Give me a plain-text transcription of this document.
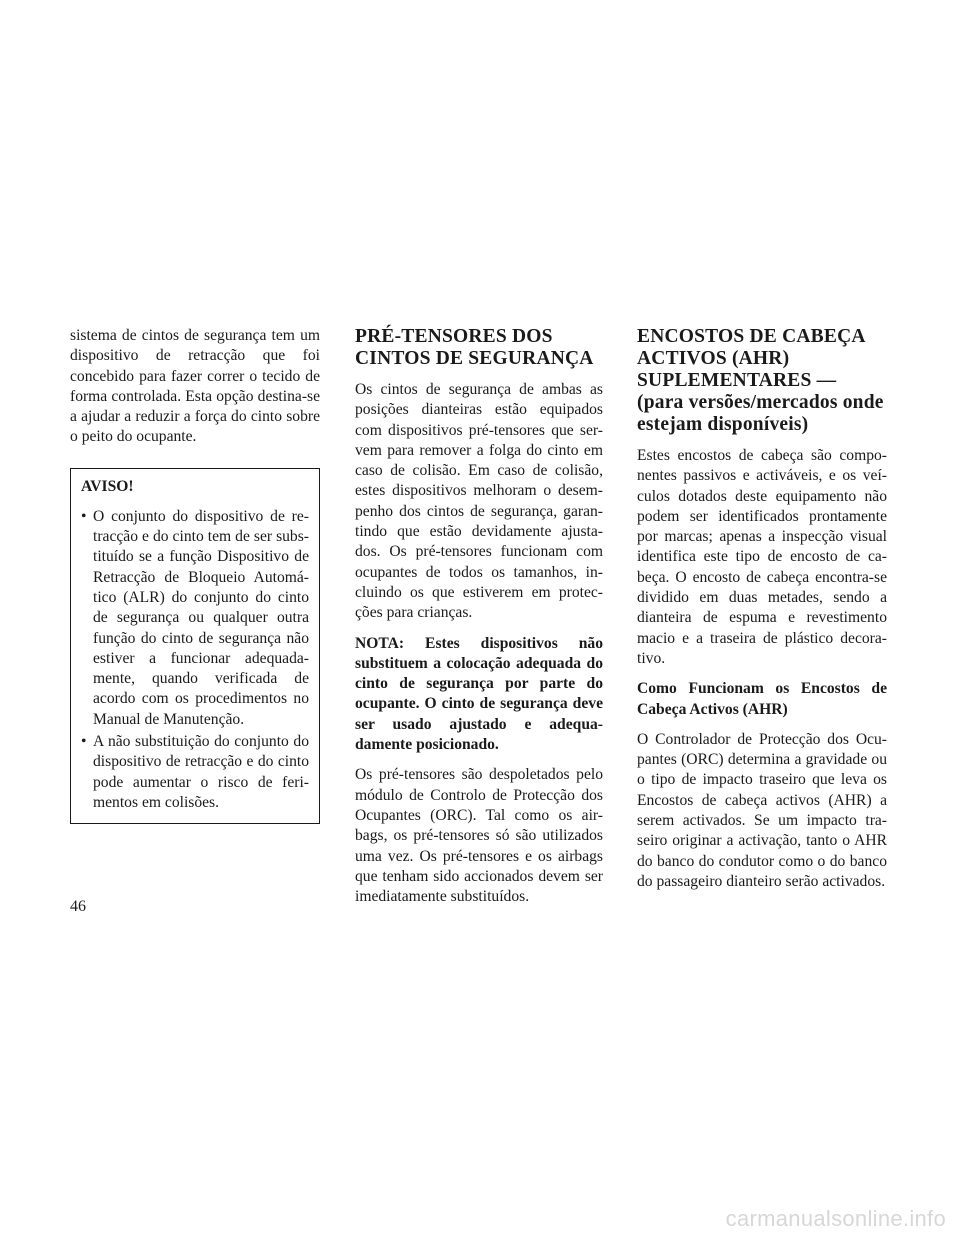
sistema de cintos de segurança tem um dispositivo de retracção que foi concebido para fazer correr o tecido de forma controlada. Esta opção destina-se a ajudar a reduzir a força do cinto sobre o peito do ocupante.

AVISO!
• O conjunto do dispositivo de re-tracção e do cinto tem de ser subs-tituído se a função Dispositivo de Retracção de Bloqueio Automá-tico (ALR) do conjunto do cinto de segurança ou qualquer outra função do cinto de segurança não estiver a funcionar adequada-mente, quando verificada de acordo com os procedimentos no Manual de Manutenção.
• A não substituição do conjunto do dispositivo de retracção e do cinto pode aumentar o risco de feri-mentos em colisões.
PRÉ-TENSORES DOS CINTOS DE SEGURANÇA

Os cintos de segurança de ambas as posições dianteiras estão equipados com dispositivos pré-tensores que ser-vem para remover a folga do cinto em caso de colisão. Em caso de colisão, estes dispositivos melhoram o desem-penho dos cintos de segurança, garan-tindo que estão devidamente ajusta-dos. Os pré-tensores funcionam com ocupantes de todos os tamanhos, in-cluindo os que estiverem em protec-ções para crianças.

NOTA: Estes dispositivos não substituem a colocação adequada do cinto de segurança por parte do ocupante. O cinto de segurança deve ser usado ajustado e adequa-damente posicionado.

Os pré-tensores são despoletados pelo módulo de Controlo de Protecção dos Ocupantes (ORC). Tal como os air-bags, os pré-tensores só são utilizados uma vez. Os pré-tensores e os airbags que tenham sido accionados devem ser imediatamente substituídos.

ENCOSTOS DE CABEÇA ACTIVOS (AHR) SUPLEMENTARES — (para versões/mercados onde estejam disponíveis)

Estes encostos de cabeça são compo-nentes passivos e activáveis, e os veí-culos dotados deste equipamento não podem ser identificados prontamente por marcas; apenas a inspecção visual identifica este tipo de encosto de ca-beça. O encosto de cabeça encontra-se dividido em duas metades, sendo a dianteira de espuma e revestimento macio e a traseira de plástico decora-tivo.

Como Funcionam os Encostos de Cabeça Activos (AHR)

O Controlador de Protecção dos Ocu-pantes (ORC) determina a gravidade ou o tipo de impacto traseiro que leva os Encostos de cabeça activos (AHR) a serem activados. Se um impacto tra-seiro originar a activação, tanto o AHR do banco do condutor como o do banco do passageiro dianteiro serão activados.

46
carmanualsonline.info
